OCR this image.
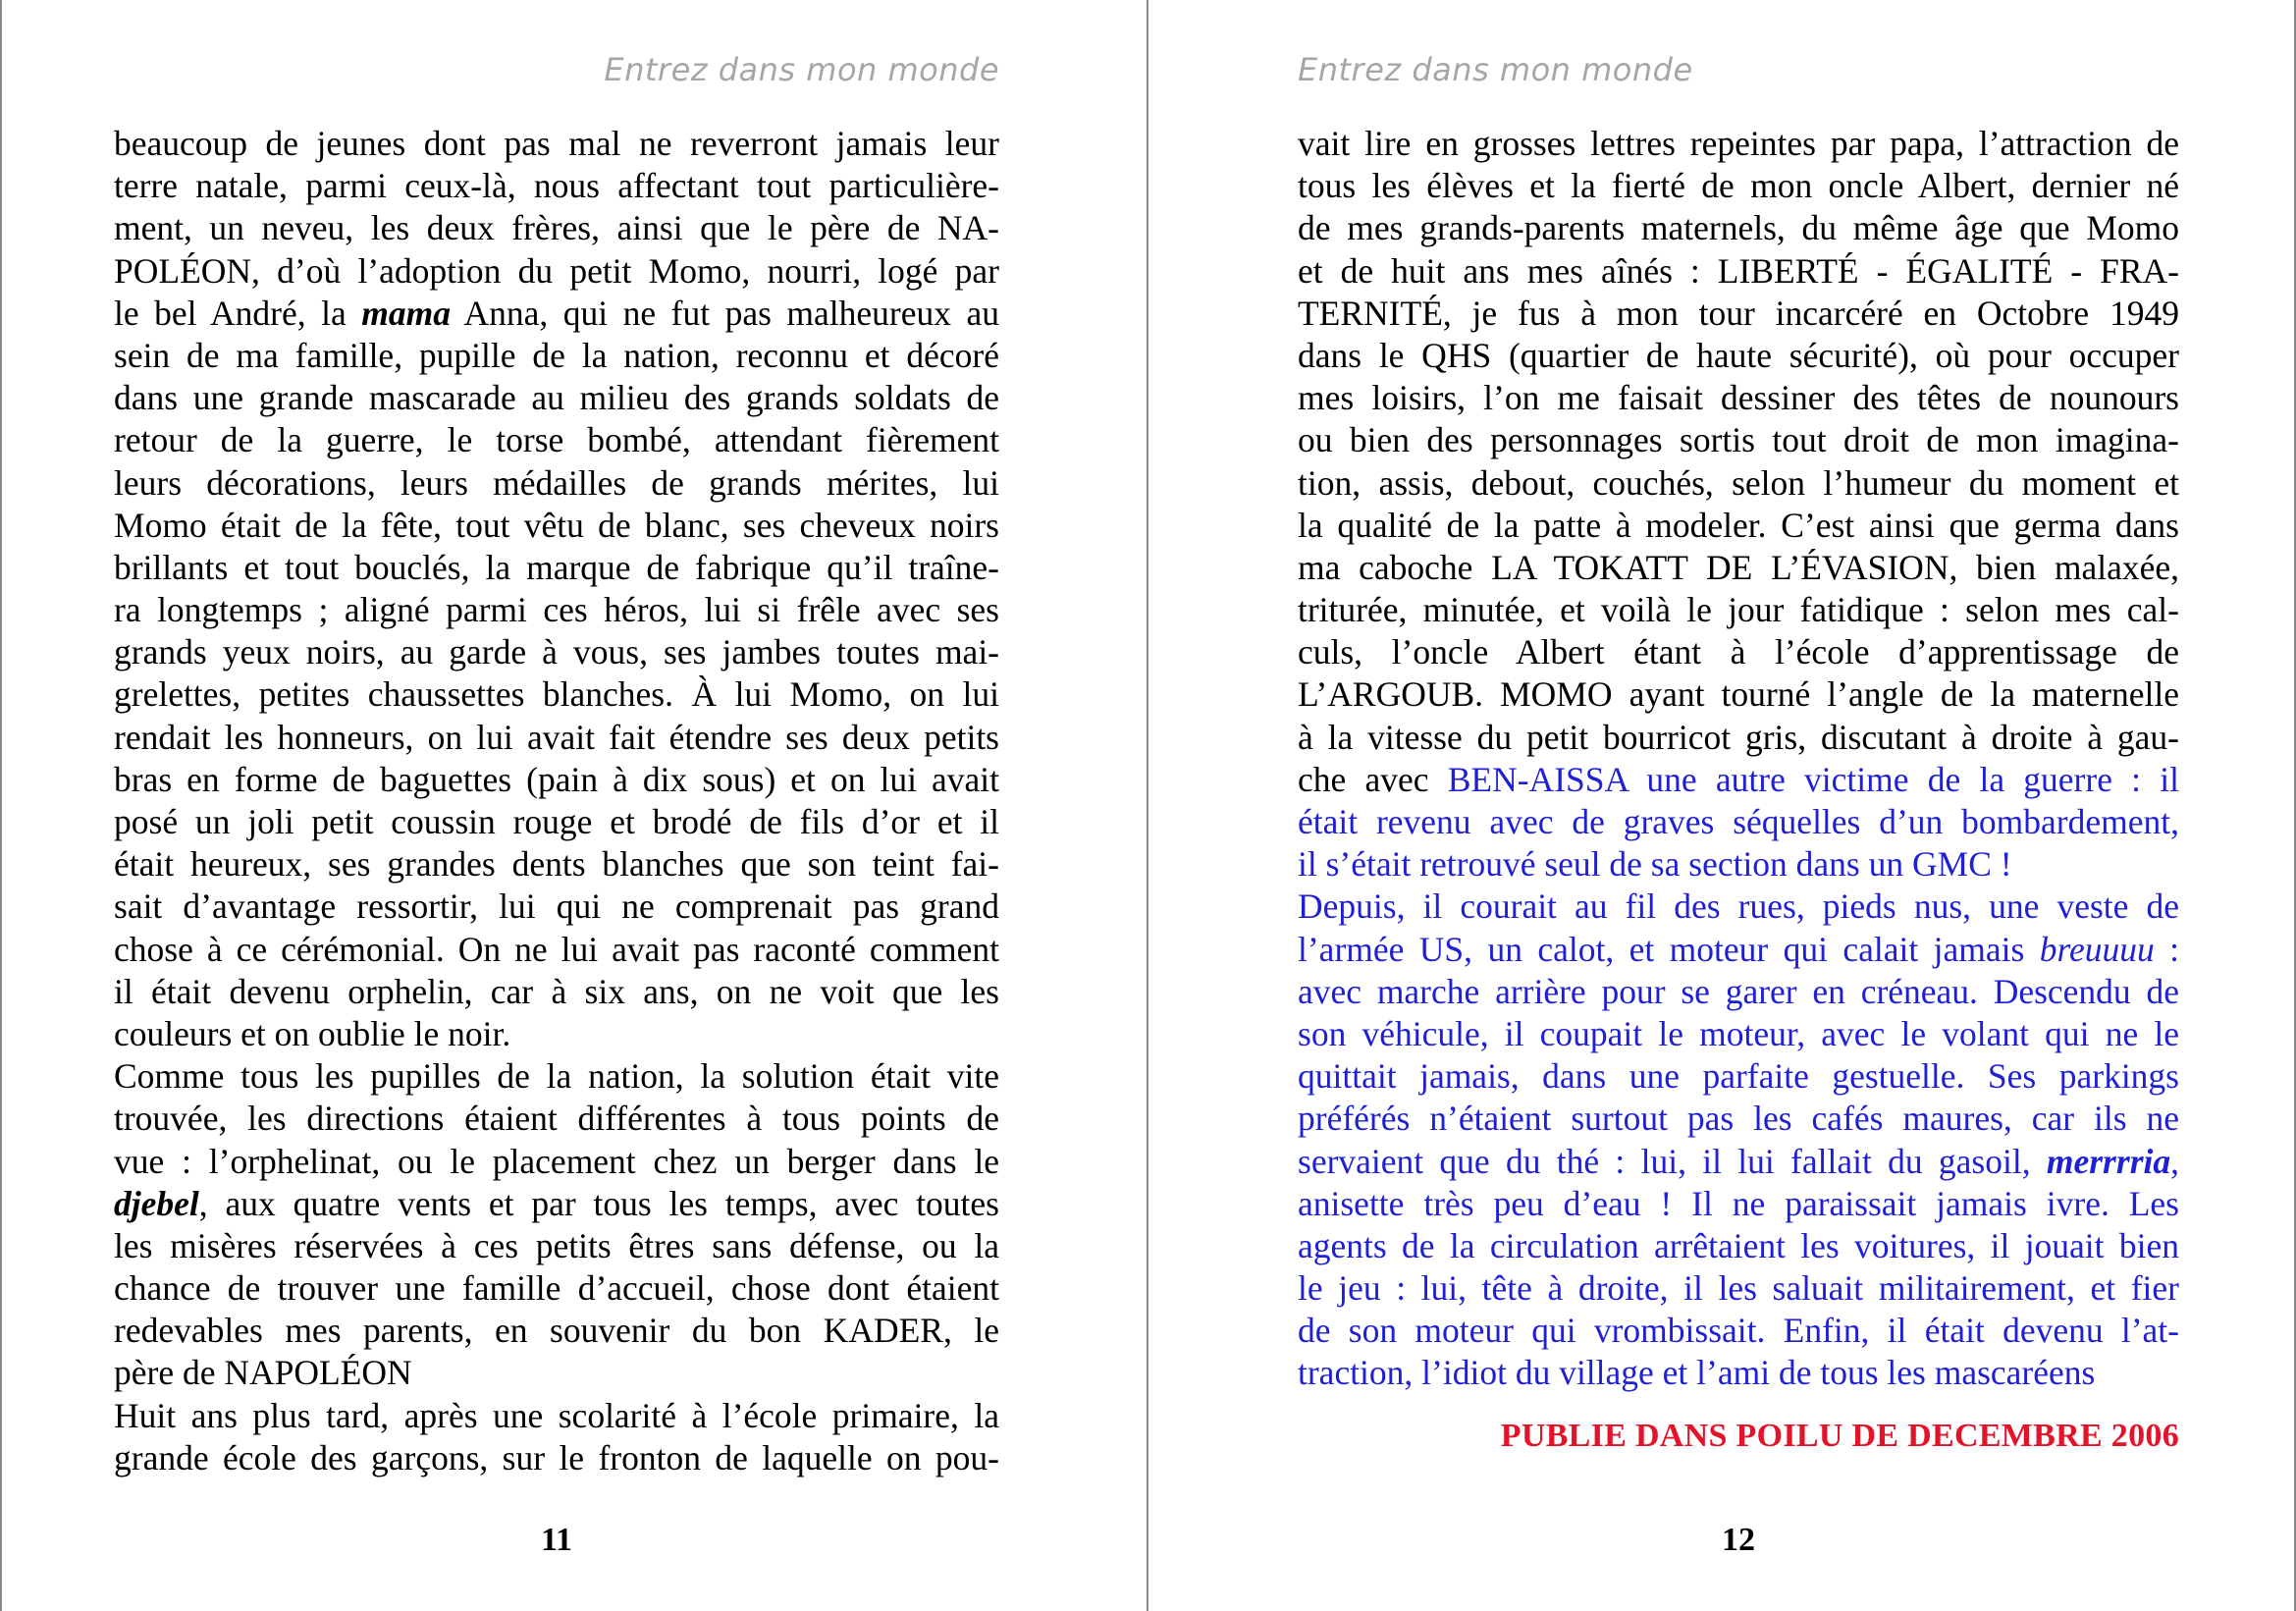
Entrez dans mon monde
beaucoup de jeunes dont pas mal ne reverront jamais leur
terre natale, parmi ceux-là, nous affectant tout particulière-
ment, un neveu, les deux frères, ainsi que le père de NA-
POLÉON, d’où l’adoption du petit Momo, nourri, logé par
le bel André, la mama Anna, qui ne fut pas malheureux au
sein de ma famille, pupille de la nation, reconnu et décoré
dans une grande mascarade au milieu des grands soldats de
retour de la guerre, le torse bombé, attendant fièrement
leurs décorations, leurs médailles de grands mérites, lui
Momo était de la fête, tout vêtu de blanc, ses cheveux noirs
brillants et tout bouclés, la marque de fabrique qu’il traîne-
ra longtemps ; aligné parmi ces héros, lui si frêle avec ses
grands yeux noirs, au garde à vous, ses jambes toutes mai-
grelettes, petites chaussettes blanches. À lui Momo, on lui
rendait les honneurs, on lui avait fait étendre ses deux petits
bras en forme de baguettes (pain à dix sous) et on lui avait
posé un joli petit coussin rouge et brodé de fils d’or et il
était heureux, ses grandes dents blanches que son teint fai-
sait d’avantage ressortir, lui qui ne comprenait pas grand
chose à ce cérémonial. On ne lui avait pas raconté comment
il était devenu orphelin, car à six ans, on ne voit que les
couleurs et on oublie le noir.
Comme tous les pupilles de la nation, la solution était vite
trouvée, les directions étaient différentes à tous points de
vue : l’orphelinat, ou le placement chez un berger dans le
djebel, aux quatre vents et par tous les temps, avec toutes
les misères réservées à ces petits êtres sans défense, ou la
chance de trouver une famille d’accueil, chose dont étaient
redevables mes parents, en souvenir du bon KADER, le
père de NAPOLÉON
Huit ans plus tard, après une scolarité à l’école primaire, la
grande école des garçons, sur le fronton de laquelle on pou-
11
Entrez dans mon monde
vait lire en grosses lettres repeintes par papa, l’attraction de
tous les élèves et la fierté de mon oncle Albert, dernier né
de mes grands-parents maternels, du même âge que Momo
et de huit ans mes aînés : LIBERTÉ - ÉGALITÉ - FRA-
TERNITÉ, je fus à mon tour incarcéré en Octobre 1949
dans le QHS (quartier de haute sécurité), où pour occuper
mes loisirs, l’on me faisait dessiner des têtes de nounours
ou bien des personnages sortis tout droit de mon imagina-
tion, assis, debout, couchés, selon l’humeur du moment et
la qualité de la patte à modeler. C’est ainsi que germa dans
ma caboche LA TOKATT DE L’ÉVASION, bien malaxée,
triturée, minutée, et voilà le jour fatidique : selon mes cal-
culs, l’oncle Albert étant à l’école d’apprentissage de
L’ARGOUB. MOMO ayant tourné l’angle de la maternelle
à la vitesse du petit bourricot gris, discutant à droite à gau-
che avec BEN-AISSA une autre victime de la guerre : il
était revenu avec de graves séquelles d’un bombardement,
il s’était retrouvé seul de sa section dans un GMC !
Depuis, il courait au fil des rues, pieds nus, une veste de
l’armée US, un calot, et moteur qui calait jamais breuuuu :
avec marche arrière pour se garer en créneau. Descendu de
son véhicule, il coupait le moteur, avec le volant qui ne le
quittait jamais, dans une parfaite gestuelle. Ses parkings
préférés n’étaient surtout pas les cafés maures, car ils ne
servaient que du thé : lui, il lui fallait du gasoil, merrrria,
anisette très peu d’eau ! Il ne paraissait jamais ivre. Les
agents de la circulation arrêtaient les voitures, il jouait bien
le jeu : lui, tête à droite, il les saluait militairement, et fier
de son moteur qui vrombissait. Enfin, il était devenu l’at-
traction, l’idiot du village et l’ami de tous les mascaréens
PUBLIE DANS POILU DE DECEMBRE 2006
12
